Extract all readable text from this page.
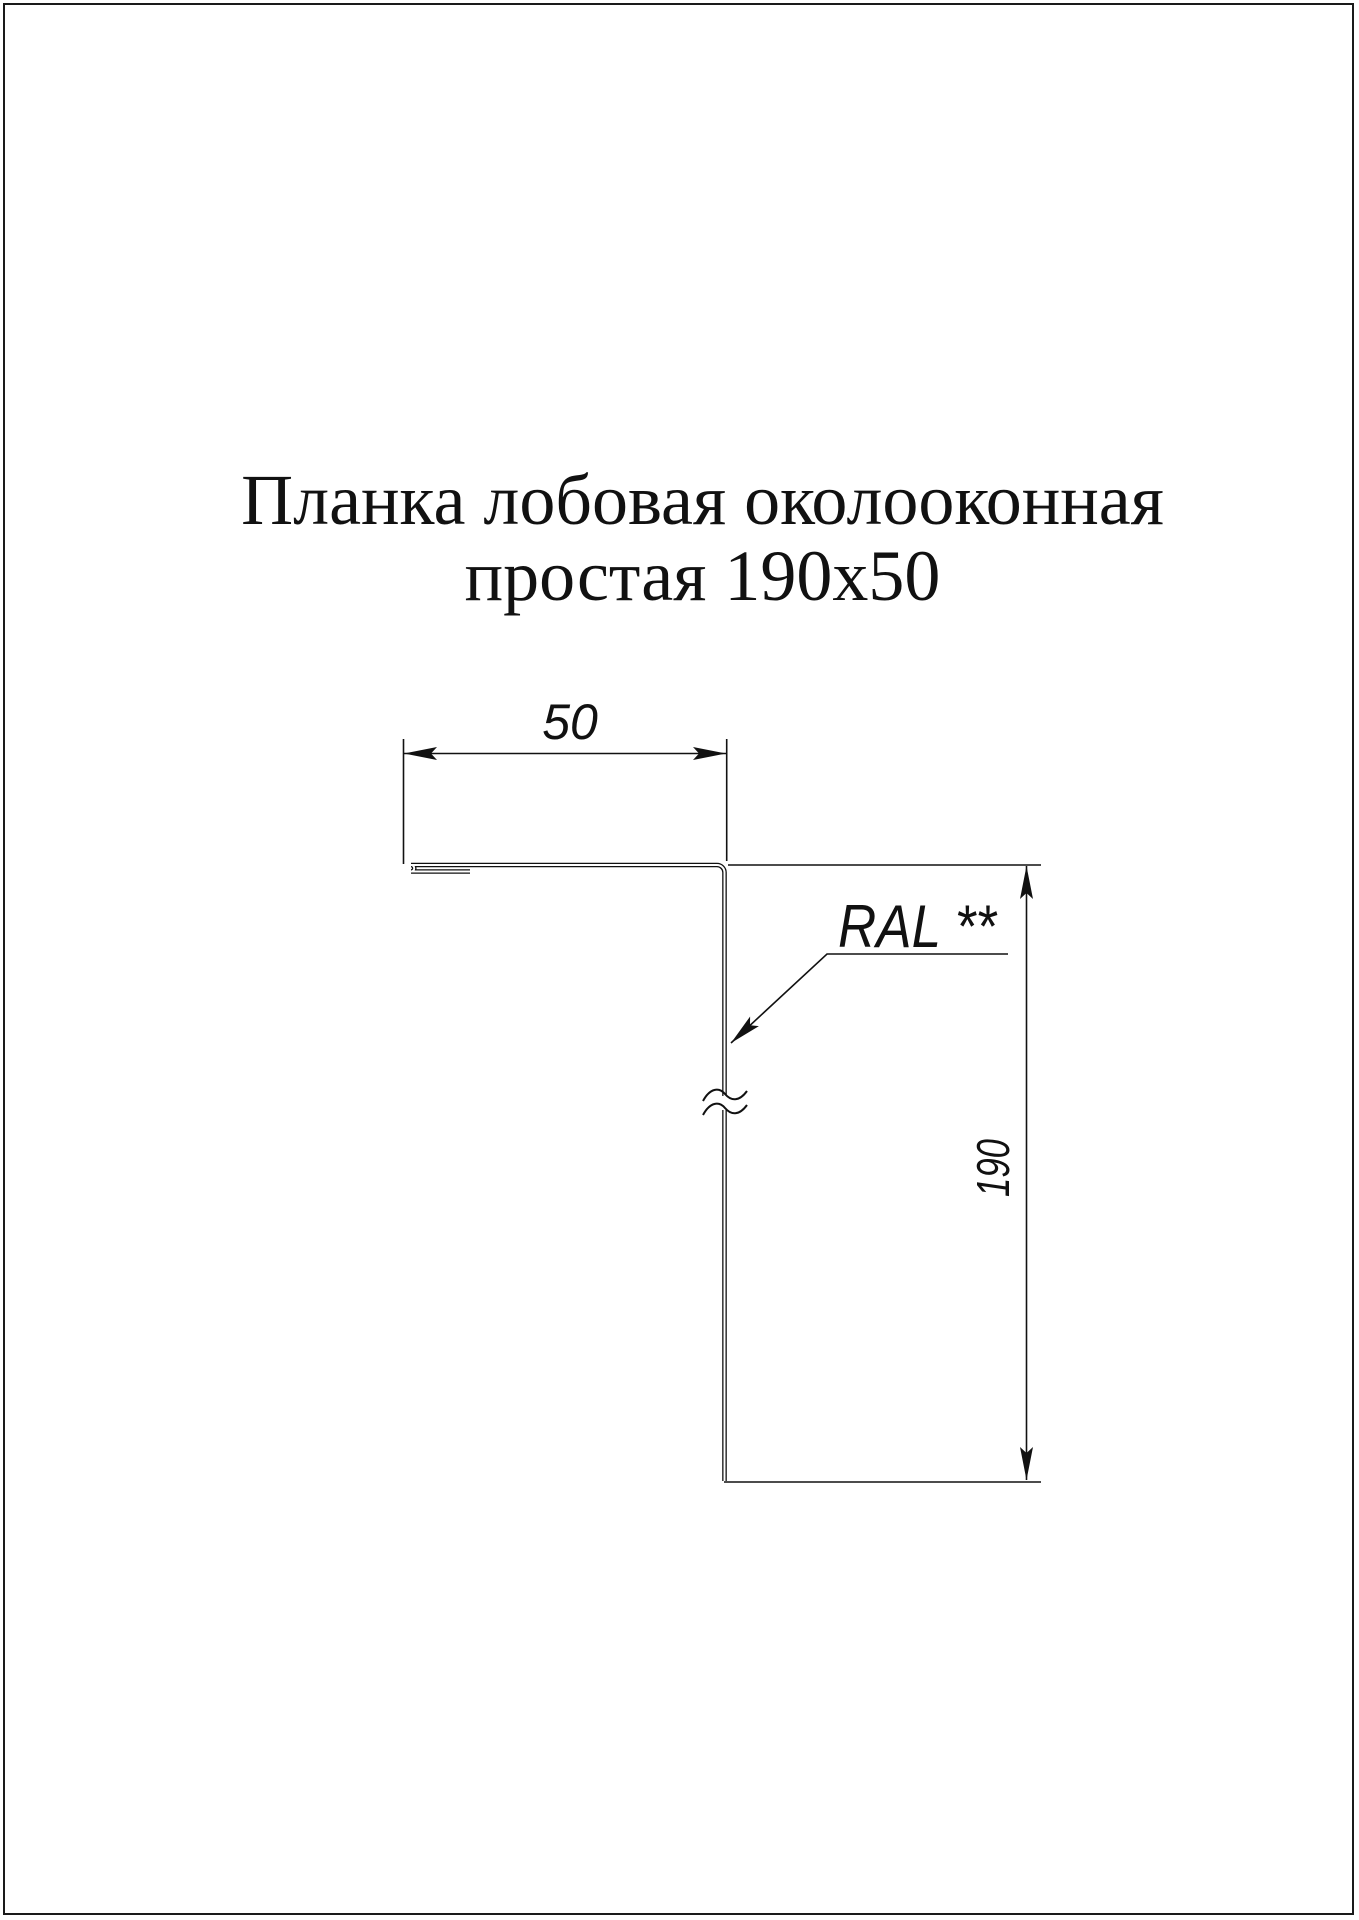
Планка лобовая околооконная
простая 190x50
50
190
RAL **
